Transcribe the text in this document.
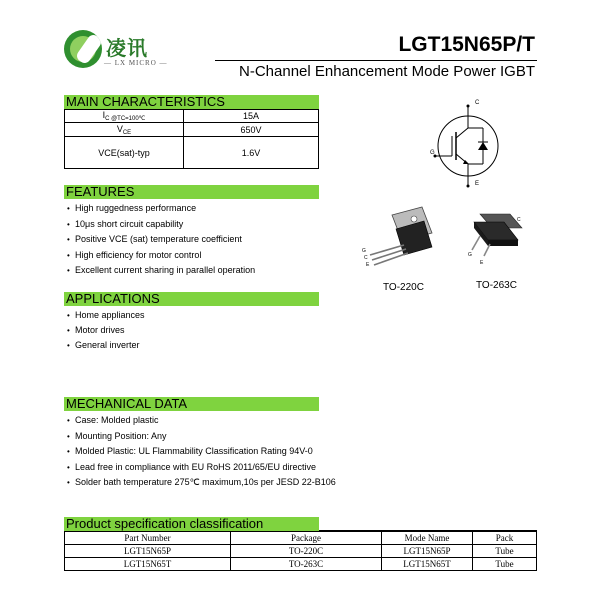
凌讯
— LX MICRO —
LGT15N65P/T
N-Channel Enhancement Mode Power IGBT
MAIN CHARACTERISTICS
$I_{C @TC=100℃}$	15A
$V_{CE}$	650V
VCE(sat)-typ	1.6V
C
G
E
FEATURES
• High ruggedness performance
• 10μs short circuit capability
• Positive VCE (sat) temperature coefficient
• High efficiency for motor control
• Excellent current sharing in parallel operation
G
C
E
TO-220C
C
G
E
TO-263C
APPLICATIONS
• Home appliances
• Motor drives
• General inverter
MECHANICAL DATA
• Case: Molded plastic
• Mounting Position: Any
• Molded Plastic: UL Flammability Classification Rating 94V-0
• Lead free in compliance with EU RoHS 2011/65/EU directive
• Solder bath temperature 275℃ maximum,10s per JESD 22-B106
Product specification classification
Part Number	Package	Mode Name	Pack
LGT15N65P	TO-220C	LGT15N65P	Tube
LGT15N65T	TO-263C	LGT15N65T	Tube
